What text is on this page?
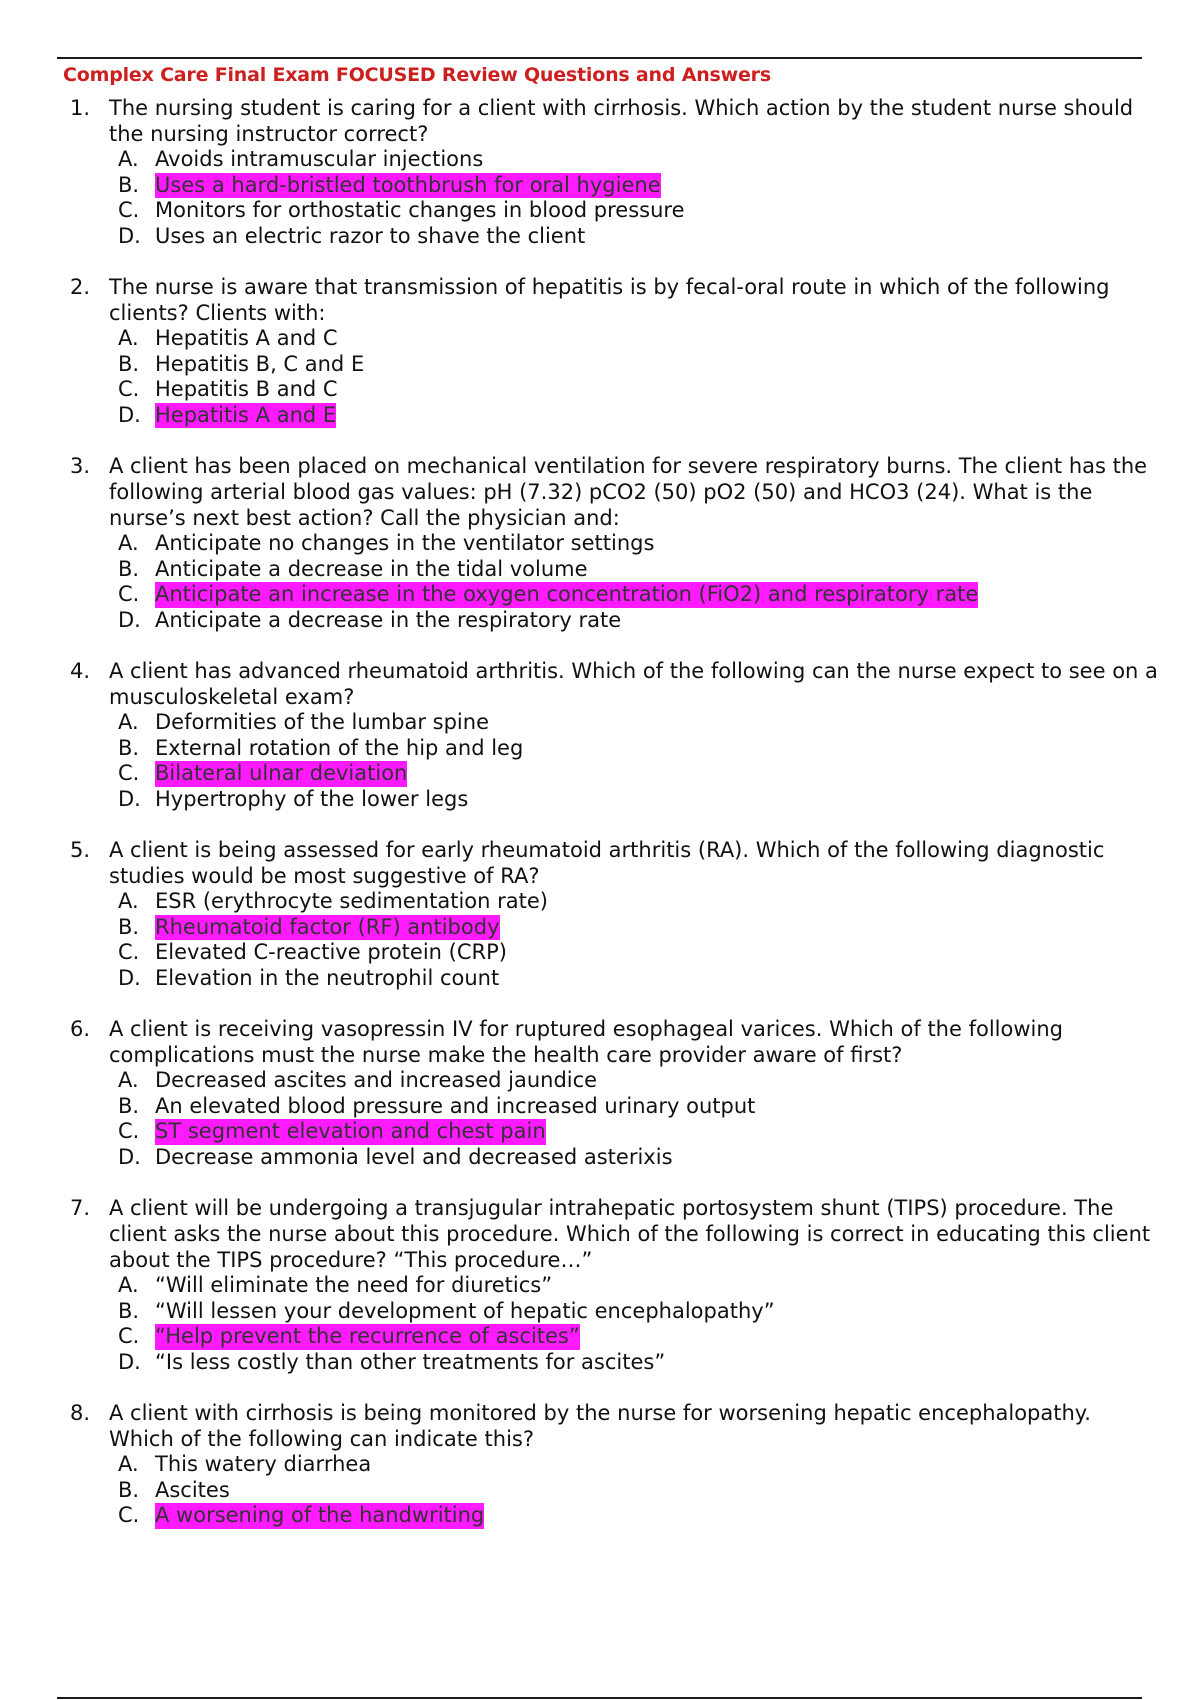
Complex Care Final Exam FOCUSED Review Questions and Answers
1. The nursing student is caring for a client with cirrhosis. Which action by the student nurse should the nursing instructor correct?
A. Avoids intramuscular injections
B. Uses a hard-bristled toothbrush for oral hygiene
C. Monitors for orthostatic changes in blood pressure
D. Uses an electric razor to shave the client
2. The nurse is aware that transmission of hepatitis is by fecal-oral route in which of the following clients? Clients with:
A. Hepatitis A and C
B. Hepatitis B, C and E
C. Hepatitis B and C
D. Hepatitis A and E
3. A client has been placed on mechanical ventilation for severe respiratory burns. The client has the following arterial blood gas values: pH (7.32) pCO2 (50) pO2 (50) and HCO3 (24). What is the nurse’s next best action? Call the physician and:
A. Anticipate no changes in the ventilator settings
B. Anticipate a decrease in the tidal volume
C. Anticipate an increase in the oxygen concentration (FiO2) and respiratory rate
D. Anticipate a decrease in the respiratory rate
4. A client has advanced rheumatoid arthritis. Which of the following can the nurse expect to see on a musculoskeletal exam?
A. Deformities of the lumbar spine
B. External rotation of the hip and leg
C. Bilateral ulnar deviation
D. Hypertrophy of the lower legs
5. A client is being assessed for early rheumatoid arthritis (RA). Which of the following diagnostic studies would be most suggestive of RA?
A. ESR (erythrocyte sedimentation rate)
B. Rheumatoid factor (RF) antibody
C. Elevated C-reactive protein (CRP)
D. Elevation in the neutrophil count
6. A client is receiving vasopressin IV for ruptured esophageal varices. Which of the following complications must the nurse make the health care provider aware of first?
A. Decreased ascites and increased jaundice
B. An elevated blood pressure and increased urinary output
C. ST segment elevation and chest pain
D. Decrease ammonia level and decreased asterixis
7. A client will be undergoing a transjugular intrahepatic portosystem shunt (TIPS) procedure. The client asks the nurse about this procedure. Which of the following is correct in educating this client about the TIPS procedure? “This procedure…”
A. “Will eliminate the need for diuretics”
B. “Will lessen your development of hepatic encephalopathy”
C. “Help prevent the recurrence of ascites”
D. “Is less costly than other treatments for ascites”
8. A client with cirrhosis is being monitored by the nurse for worsening hepatic encephalopathy. Which of the following can indicate this?
A. This watery diarrhea
B. Ascites
C. A worsening of the handwriting
